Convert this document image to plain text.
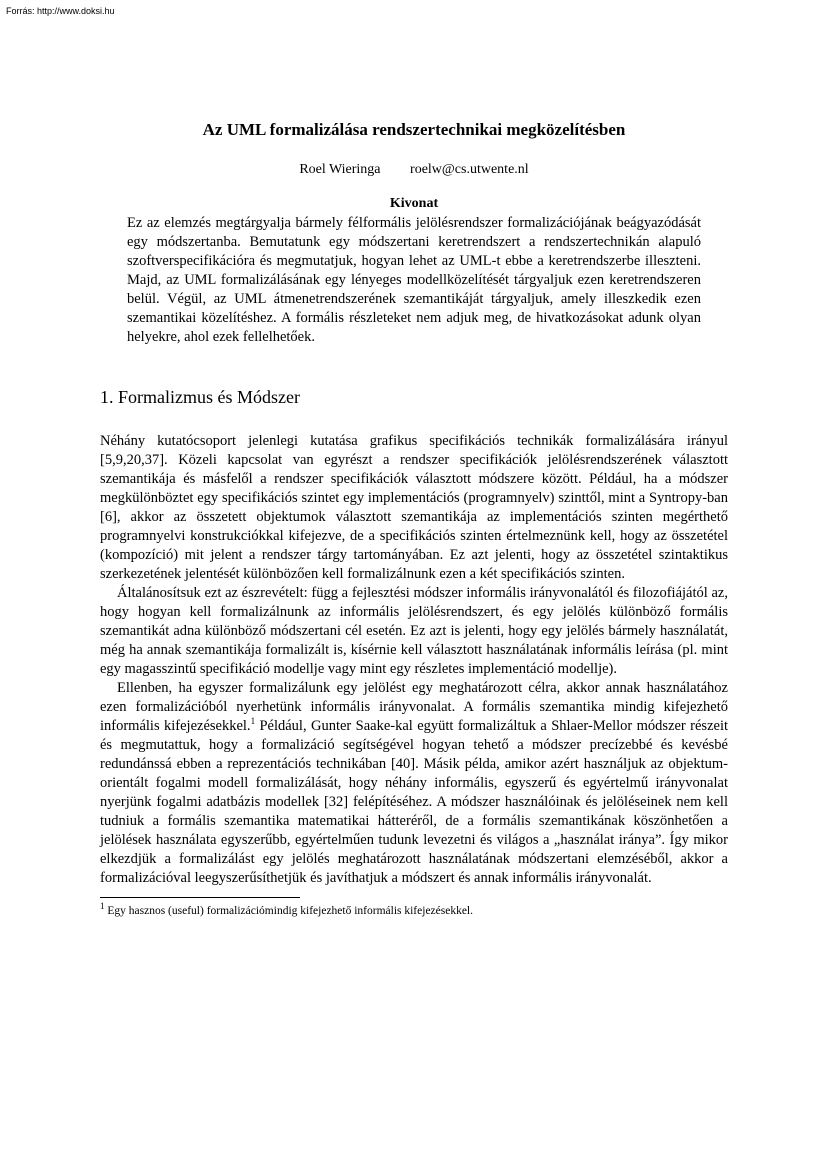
Forrás: http://www.doksi.hu
Az UML formalizálása rendszertechnikai megközelítésben
Roel Wieringa roelw@cs.utwente.nl
Kivonat
Ez az elemzés megtárgyalja bármely félformális jelölésrendszer formalizációjának beágyazódását egy módszertanba. Bemutatunk egy módszertani keretrendszert a rendszertechnikán alapuló szoftverspecifikációra és megmutatjuk, hogyan lehet az UML-t ebbe a keretrendszerbe illeszteni. Majd, az UML formalizálásának egy lényeges modellközelítését tárgyaljuk ezen keretrendszeren belül. Végül, az UML átmenetrendszerének szemantikáját tárgyaljuk, amely illeszkedik ezen szemantikai közelítéshez. A formális részleteket nem adjuk meg, de hivatkozásokat adunk olyan helyekre, ahol ezek fellelhetőek.
1. Formalizmus és Módszer

Néhány kutatócsoport jelenlegi kutatása grafikus specifikációs technikák formalizálására irányul [5,9,20,37]. Közeli kapcsolat van egyrészt a rendszer specifikációk jelölésrendszerének választott szemantikája és másfelől a rendszer specifikációk választott módszere között. Például, ha a módszer megkülönböztet egy specifikációs szintet egy implementációs (programnyelv) szinttől, mint a Syntropy-ban [6], akkor az összetett objektumok választott szemantikája az implementációs szinten megérthető programnyelvi konstrukciókkal kifejezve, de a specifikációs szinten értelmeznünk kell, hogy az összetétel (kompozíció) mit jelent a rendszer tárgy tartományában. Ez azt jelenti, hogy az összetétel szintaktikus szerkezetének jelentését különbözően kell formalizálnunk ezen a két specifikációs szinten.

Általánosítsuk ezt az észrevételt: függ a fejlesztési módszer informális irányvonalától és filozofiájától az, hogy hogyan kell formalizálnunk az informális jelölésrendszert, és egy jelölés különböző formális szemantikát adna különböző módszertani cél esetén. Ez azt is jelenti, hogy egy jelölés bármely használatát, még ha annak szemantikája formalizált is, kísérnie kell választott használatának informális leírása (pl. mint egy magasszintű specifikáció modellje vagy mint egy részletes implementáció modellje).

Ellenben, ha egyszer formalizálunk egy jelölést egy meghatározott célra, akkor annak használatához ezen formalizációból nyerhetünk informális irányvonalat. A formális szemantika mindig kifejezhető informális kifejezésekkel.$^1$ Például, Gunter Saake-kal együtt formalizáltuk a Shlaer-Mellor módszer részeit és megmutattuk, hogy a formalizáció segítségével hogyan tehető a módszer precízebbé és kevésbé redundánssá ebben a reprezentációs technikában [40]. Másik példa, amikor azért használjuk az objektum-orientált fogalmi modell formalizálását, hogy néhány informális, egyszerű és egyértelmű irányvonalat nyerjünk fogalmi adatbázis modellek [32] felépítéséhez. A módszer használóinak és jelöléseinek nem kell tudniuk a formális szemantika matematikai hátteréről, de a formális szemantikának köszönhetően a jelölések használata egyszerűbb, egyértelműen tudunk levezetni és világos a „használat iránya”. Így mikor elkezdjük a formalizálást egy jelölés meghatározott használatának módszertani elemzéséből, akkor a formalizációval leegyszerűsíthetjük és javíthatjuk a módszert és annak informális irányvonalát.

$^1$ Egy hasznos (useful) formalizációmindig kifejezhető informális kifejezésekkel.
